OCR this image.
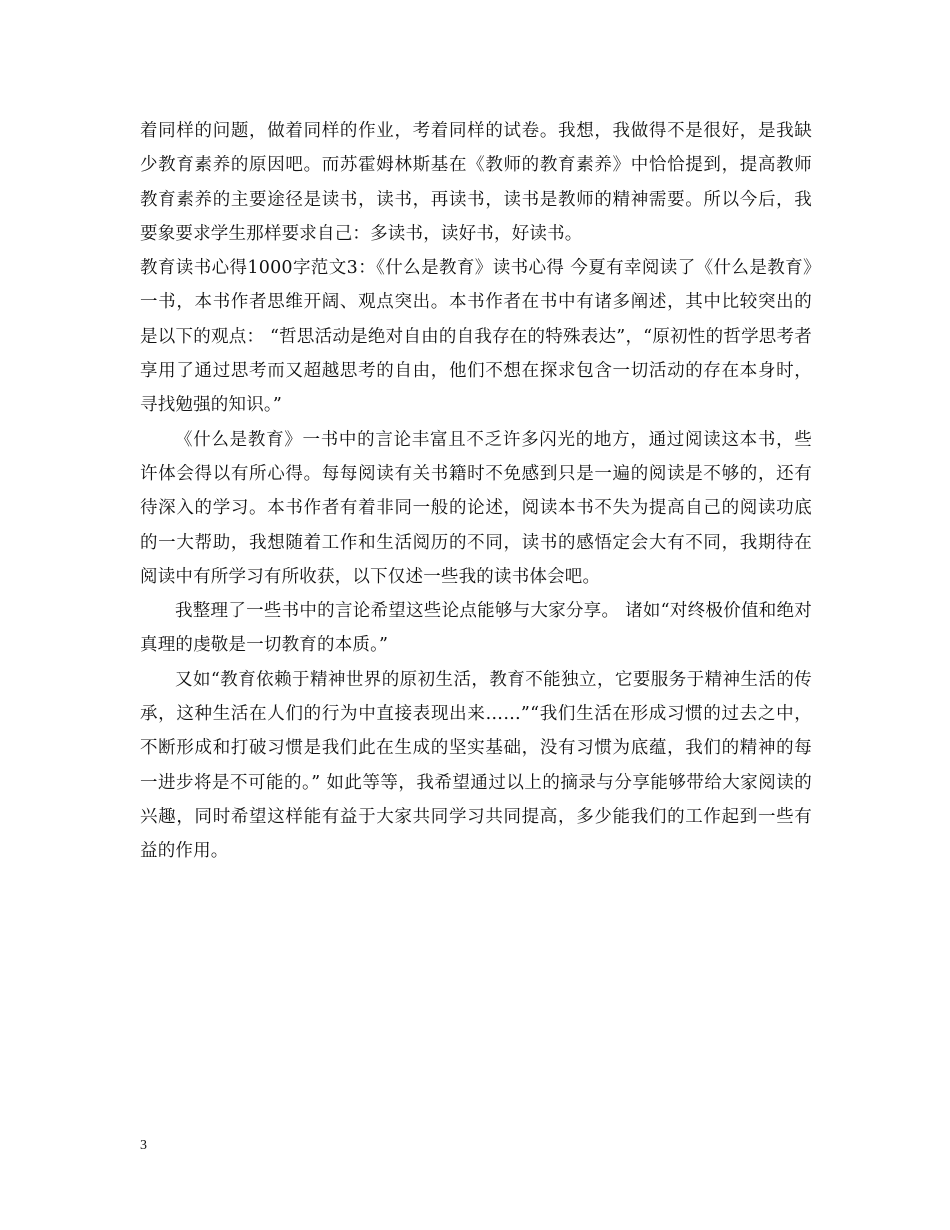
着同样的问题，做着同样的作业，考着同样的试卷。我想，我做得不是很好，是我缺少教育素养的原因吧。而苏霍姆林斯基在《教师的教育素养》中恰恰提到，提高教师教育素养的主要途径是读书，读书，再读书，读书是教师的精神需要。所以今后，我要象要求学生那样要求自己：多读书，读好书，好读书。

教育读书心得1000字范文3：《什么是教育》读书心得 今夏有幸阅读了《什么是教育》一书，本书作者思维开阔、观点突出。本书作者在书中有诸多阐述，其中比较突出的是以下的观点： “哲思活动是绝对自由的自我存在的特殊表达”，“原初性的哲学思考者享用了通过思考而又超越思考的自由，他们不想在探求包含一切活动的存在本身时，寻找勉强的知识。”

《什么是教育》一书中的言论丰富且不乏许多闪光的地方，通过阅读这本书，些许体会得以有所心得。每每阅读有关书籍时不免感到只是一遍的阅读是不够的，还有待深入的学习。本书作者有着非同一般的论述，阅读本书不失为提高自己的阅读功底的一大帮助，我想随着工作和生活阅历的不同，读书的感悟定会大有不同，我期待在阅读中有所学习有所收获，以下仅述一些我的读书体会吧。

我整理了一些书中的言论希望这些论点能够与大家分享。 诸如“对终极价值和绝对真理的虔敬是一切教育的本质。”

又如“教育依赖于精神世界的原初生活，教育不能独立，它要服务于精神生活的传承，这种生活在人们的行为中直接表现出来……”“我们生活在形成习惯的过去之中，不断形成和打破习惯是我们此在生成的坚实基础，没有习惯为底蕴，我们的精神的每一进步将是不可能的。” 如此等等，我希望通过以上的摘录与分享能够带给大家阅读的兴趣，同时希望这样能有益于大家共同学习共同提高，多少能我们的工作起到一些有益的作用。

3
